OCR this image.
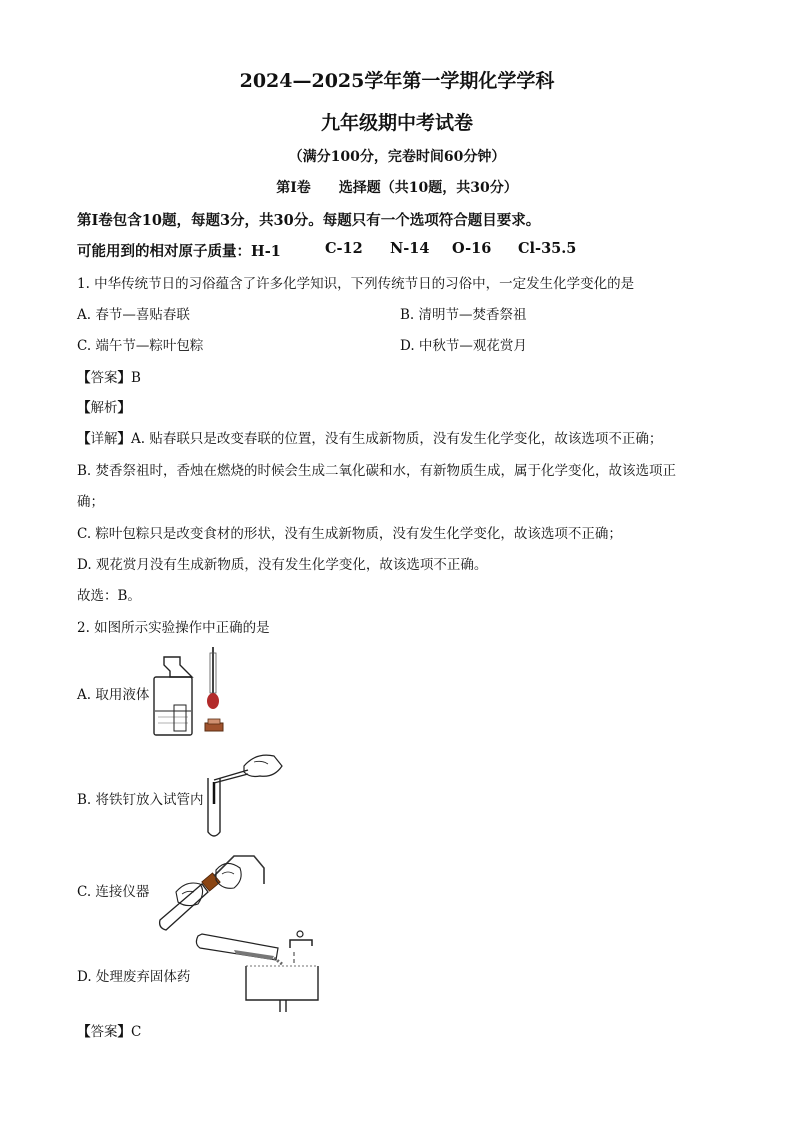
2024—2025学年第一学期化学学科
九年级期中考试卷
（满分100分，完卷时间60分钟）
第Ⅰ卷　　选择题（共10题，共30分）
第Ⅰ卷包含10题，每题3分，共30分。每题只有一个选项符合题目要求。
可能用到的相对原子质量：H-1	C-12 N-14 O-16 Cl-35.5
1. 中华传统节日的习俗蕴含了许多化学知识，下列传统节日的习俗中，一定发生化学变化的是
A. 春节—喜贴春联	B. 清明节—焚香祭祖
C. 端午节—粽叶包粽	D. 中秋节—观花赏月
【答案】B
【解析】
【详解】A. 贴春联只是改变春联的位置，没有生成新物质，没有发生化学变化，故该选项不正确；
B. 焚香祭祖时，香烛在燃烧的时候会生成二氧化碳和水，有新物质生成，属于化学变化，故该选项正
确；
C. 粽叶包粽只是改变食材的形状，没有生成新物质，没有发生化学变化，故该选项不正确；
D. 观花赏月没有生成新物质，没有发生化学变化，故该选项不正确。
故选：B。
2. 如图所示实验操作中正确的是
A. 取用液体
B. 将铁钉放入试管内
C. 连接仪器
D. 处理废弃固体药
【答案】C
